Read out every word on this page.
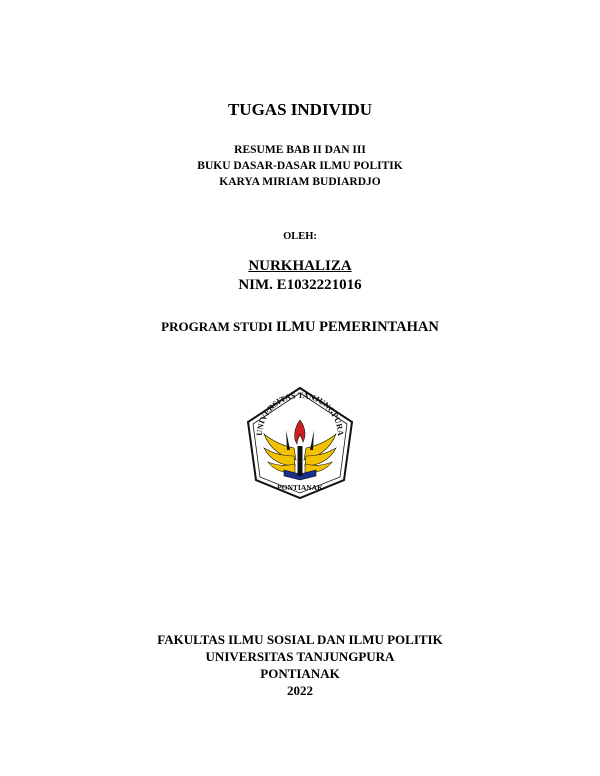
TUGAS INDIVIDU
RESUME BAB II DAN III
BUKU DASAR-DASAR ILMU POLITIK
KARYA MIRIAM BUDIARDJO
OLEH:
NURKHALIZA
NIM. E1032221016
PROGRAM STUDI ILMU PEMERINTAHAN
UNIVERSITAS TANJUNGPURA
PONTIANAK
FAKULTAS ILMU SOSIAL DAN ILMU POLITIK
UNIVERSITAS TANJUNGPURA
PONTIANAK
2022
